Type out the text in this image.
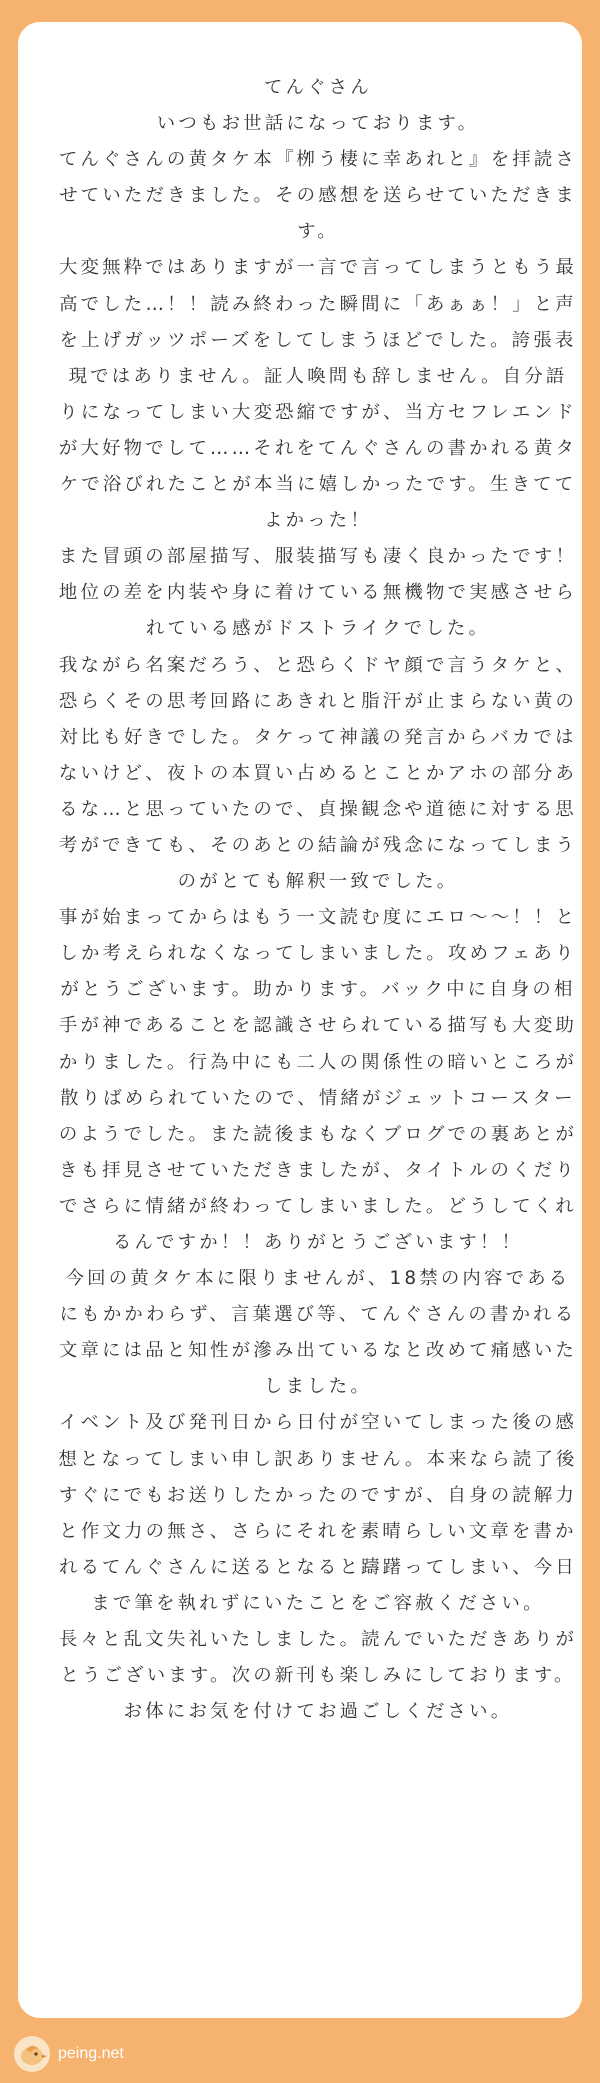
てんぐさん

いつもお世話になっております。

てんぐさんの黄タケ本『栁う棲に幸あれと』を拝読させていただきました。その感想を送らせていただきます。

大変無粋ではありますが一言で言ってしまうともう最高でした…！！読み終わった瞬間に「あぁぁ！」と声を上げガッツポーズをしてしまうほどでした。誇張表現ではありません。証人喚問も辞しません。自分語りになってしまい大変恐縮ですが、当方セフレエンドが大好物でして……それをてんぐさんの書かれる黄タケで浴びれたことが本当に嬉しかったです。生きててよかった！

また冒頭の部屋描写、服装描写も凄く良かったです！地位の差を内装や身に着けている無機物で実感させられている感がドストライクでした。

我ながら名案だろう、と恐らくドヤ顔で言うタケと、恐らくその思考回路にあきれと脂汗が止まらない黄の対比も好きでした。タケって神議の発言からバカではないけど、夜トの本買い占めるとことかアホの部分あるな…と思っていたので、貞操観念や道徳に対する思考ができても、そのあとの結論が残念になってしまうのがとても解釈一致でした。

事が始まってからはもう一文読む度にエロ〜〜！！としか考えられなくなってしまいました。攻めフェありがとうございます。助かります。バック中に自身の相手が神であることを認識させられている描写も大変助かりました。行為中にも二人の関係性の暗いところが散りばめられていたので、情緒がジェットコースターのようでした。また読後まもなくブログでの裏あとがきも拝見させていただきましたが、タイトルのくだりでさらに情緒が終わってしまいました。どうしてくれるんですか！！ありがとうございます！！

今回の黄タケ本に限りませんが、18禁の内容であるにもかかわらず、言葉選び等、てんぐさんの書かれる文章には品と知性が滲み出ているなと改めて痛感いたしました。

イベント及び発刊日から日付が空いてしまった後の感想となってしまい申し訳ありません。本来なら読了後すぐにでもお送りしたかったのですが、自身の読解力と作文力の無さ、さらにそれを素晴らしい文章を書かれるてんぐさんに送るとなると躊躇ってしまい、今日まで筆を執れずにいたことをご容赦ください。

長々と乱文失礼いたしました。読んでいただきありがとうございます。次の新刊も楽しみにしております。お体にお気を付けてお過ごしください。

peing.net
